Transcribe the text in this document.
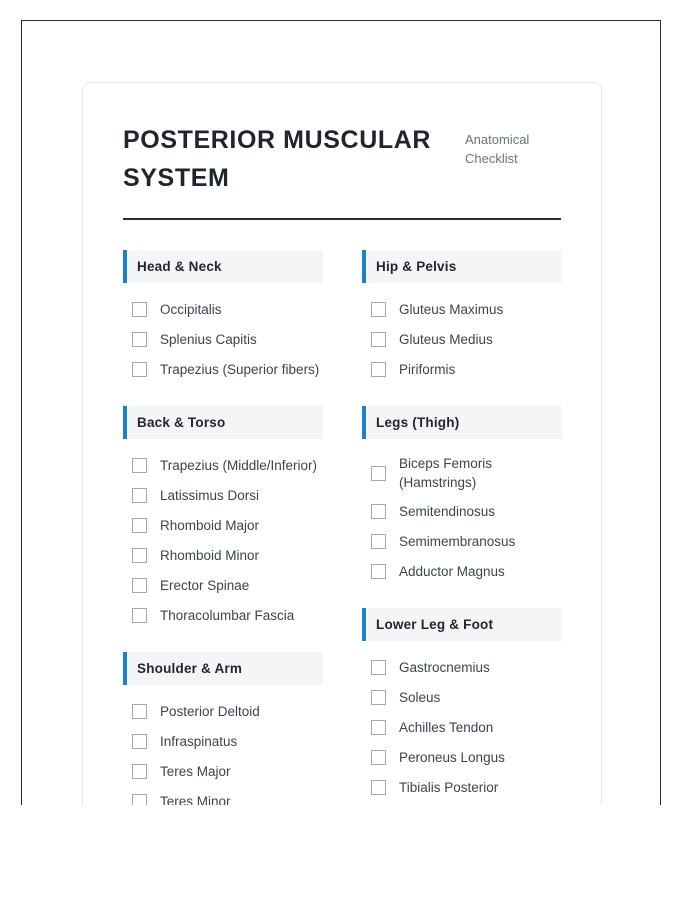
POSTERIOR MUSCULAR SYSTEM
Anatomical Checklist
Head & Neck
Occipitalis
Splenius Capitis
Trapezius (Superior fibers)
Back & Torso
Trapezius (Middle/Inferior)
Latissimus Dorsi
Rhomboid Major
Rhomboid Minor
Erector Spinae
Thoracolumbar Fascia
Shoulder & Arm
Posterior Deltoid
Infraspinatus
Teres Major
Teres Minor
Hip & Pelvis
Gluteus Maximus
Gluteus Medius
Piriformis
Legs (Thigh)
Biceps Femoris (Hamstrings)
Semitendinosus
Semimembranosus
Adductor Magnus
Lower Leg & Foot
Gastrocnemius
Soleus
Achilles Tendon
Peroneus Longus
Tibialis Posterior
